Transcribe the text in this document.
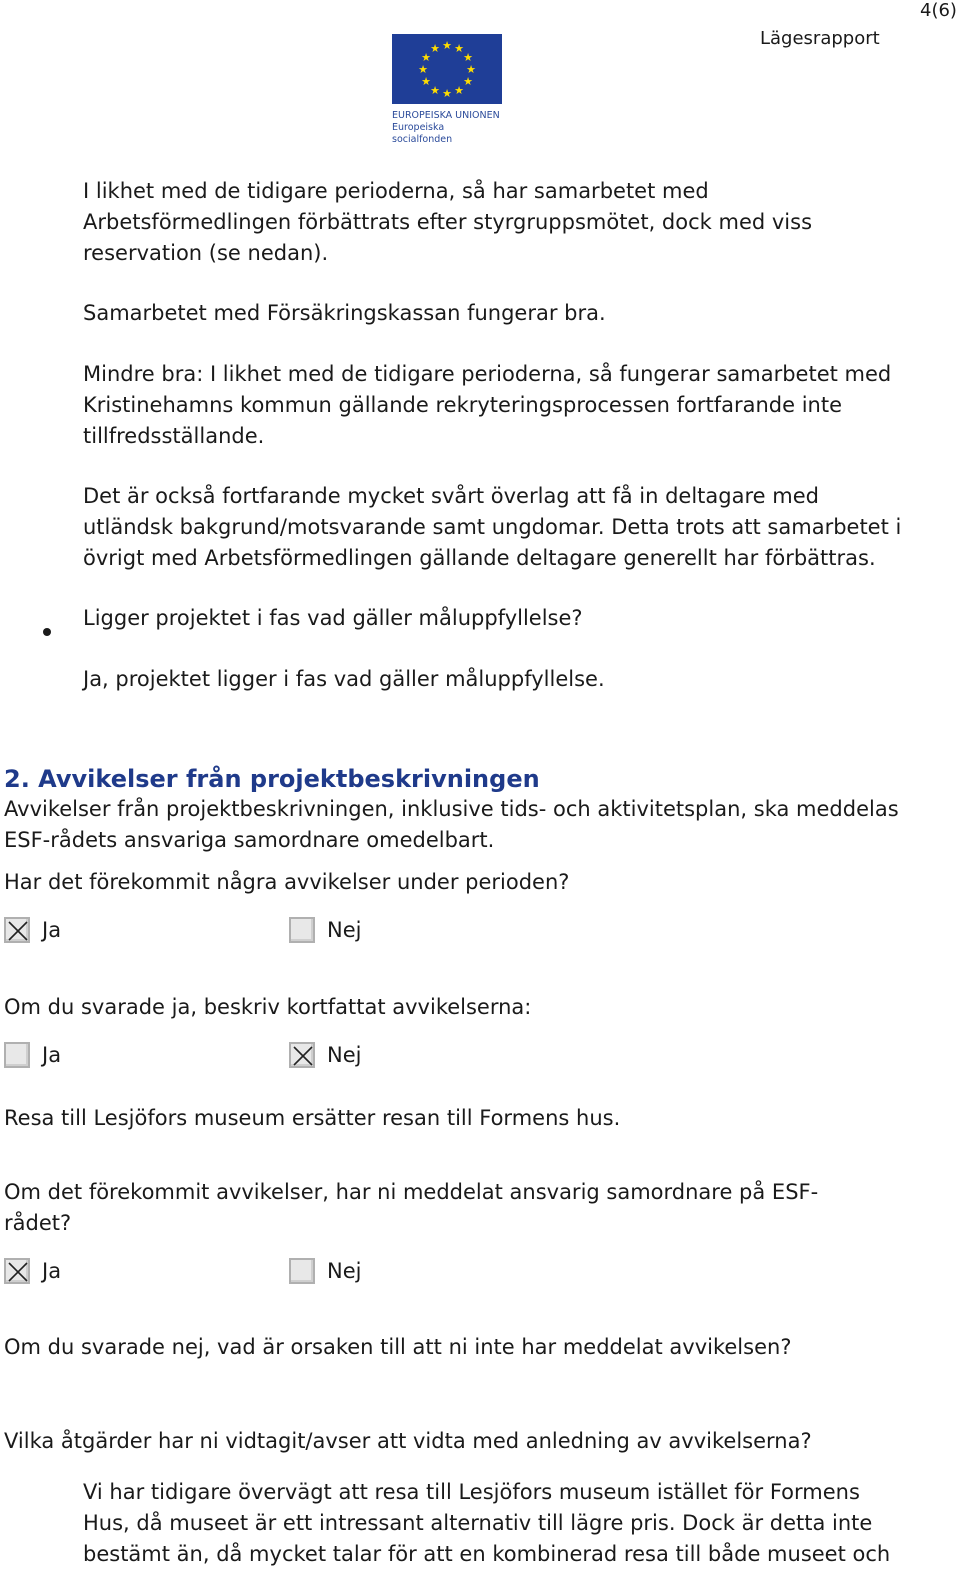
4(6)
Lägesrapport
★ ★
★
★
★
★
★
★
★
★
★
★
EUROPEISKA UNIONEN
Europeiska socialfonden
I likhet med de tidigare perioderna, så har samarbetet med
Arbetsförmedlingen förbättrats efter styrgruppsmötet, dock med viss
reservation (se nedan).
Samarbetet med Försäkringskassan fungerar bra.
Mindre bra: I likhet med de tidigare perioderna, så fungerar samarbetet med
Kristinehamns kommun gällande rekryteringsprocessen fortfarande inte
tillfredsställande.
Det är också fortfarande mycket svårt överlag att få in deltagare med
utländsk bakgrund/motsvarande samt ungdomar. Detta trots att samarbetet i
övrigt med Arbetsförmedlingen gällande deltagare generellt har förbättras.
Ligger projektet i fas vad gäller måluppfyllelse?
Ja, projektet ligger i fas vad gäller måluppfyllelse.
2. Avvikelser från projektbeskrivningen
Avvikelser från projektbeskrivningen, inklusive tids- och aktivitetsplan, ska meddelas
ESF-rådets ansvariga samordnare omedelbart.
Har det förekommit några avvikelser under perioden?
Ja	Nej
Om du svarade ja, beskriv kortfattat avvikelserna:
Ja	Nej
Resa till Lesjöfors museum ersätter resan till Formens hus.
Om det förekommit avvikelser, har ni meddelat ansvarig samordnare på ESF-
rådet?
Ja	Nej
Om du svarade nej, vad är orsaken till att ni inte har meddelat avvikelsen?
Vilka åtgärder har ni vidtagit/avser att vidta med anledning av avvikelserna?
Vi har tidigare övervägt att resa till Lesjöfors museum istället för Formens
Hus, då museet är ett intressant alternativ till lägre pris. Dock är detta inte
bestämt än, då mycket talar för att en kombinerad resa till både museet och
